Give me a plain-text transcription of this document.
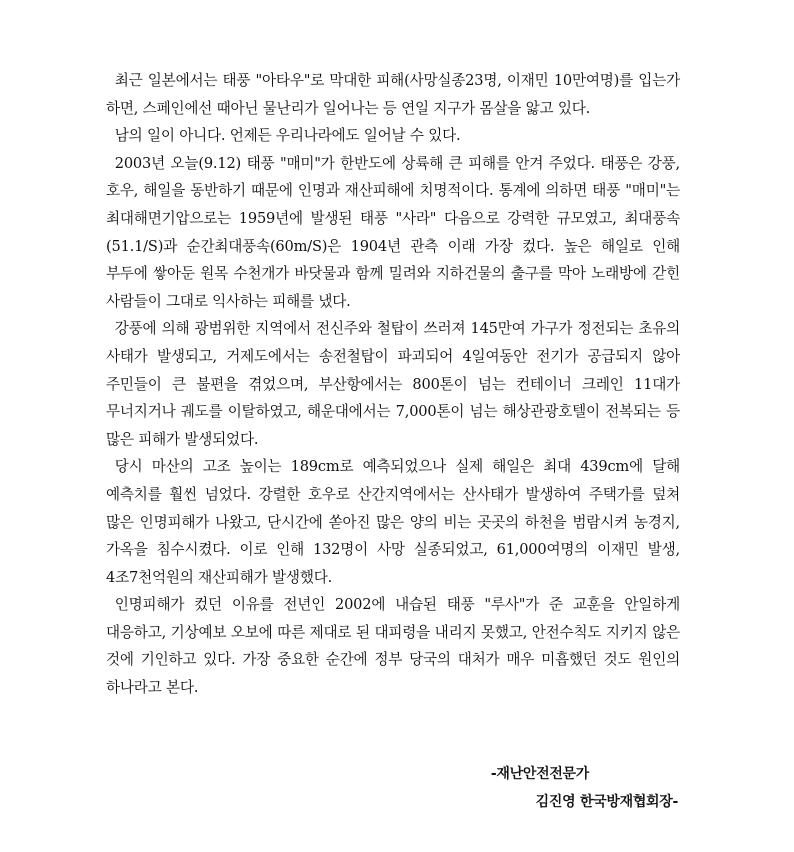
최근 일본에서는 태풍 "아타우"로 막대한 피해(사망실종23명, 이재민 10만여명)를 입는가 하면, 스페인에선 때아닌 물난리가 일어나는 등 연일 지구가 몸살을 앓고 있다.

남의 일이 아니다. 언제든 우리나라에도 일어날 수 있다.

2003년 오늘(9.12) 태풍 "매미"가 한반도에 상륙해 큰 피해를 안겨 주었다. 태풍은 강풍, 호우, 해일을 동반하기 때문에 인명과 재산피해에 치명적이다. 통계에 의하면 태풍 "매미"는 최대해면기압으로는 1959년에 발생된 태풍 "사라" 다음으로 강력한 규모였고, 최대풍속(51.1/S)과 순간최대풍속(60m/S)은 1904년 관측 이래 가장 컸다. 높은 해일로 인해 부두에 쌓아둔 원목 수천개가 바닷물과 함께 밀려와 지하건물의 출구를 막아 노래방에 갇힌 사람들이 그대로 익사하는 피해를 냈다.

강풍에 의해 광범위한 지역에서 전신주와 철탑이 쓰러져 145만여 가구가 정전되는 초유의 사태가 발생되고, 거제도에서는 송전철탑이 파괴되어 4일여동안 전기가 공급되지 않아 주민들이 큰 불편을 겪었으며, 부산항에서는 800톤이 넘는 컨테이너 크레인 11대가 무너지거나 궤도를 이탈하였고, 해운대에서는 7,000톤이 넘는 해상관광호텔이 전복되는 등 많은 피해가 발생되었다.

당시 마산의 고조 높이는 189cm로 예측되었으나 실제 해일은 최대 439cm에 달해 예측치를 훨씬 넘었다. 강렬한 호우로 산간지역에서는 산사태가 발생하여 주택가를 덮쳐 많은 인명피해가 나왔고, 단시간에 쏟아진 많은 양의 비는 곳곳의 하천을 범람시켜 농경지, 가옥을 침수시켰다. 이로 인해 132명이 사망 실종되었고, 61,000여명의 이재민 발생, 4조7천억원의 재산피해가 발생했다.

인명피해가 컸던 이유를 전년인 2002에 내습된 태풍 "루사"가 준 교훈을 안일하게 대응하고, 기상예보 오보에 따른 제대로 된 대피령을 내리지 못했고, 안전수칙도 지키지 않은 것에 기인하고 있다. 가장 중요한 순간에 정부 당국의 대처가 매우 미흡했던 것도 원인의 하나라고 본다.

-재난안전전문가
김진영 한국방재협회장-
